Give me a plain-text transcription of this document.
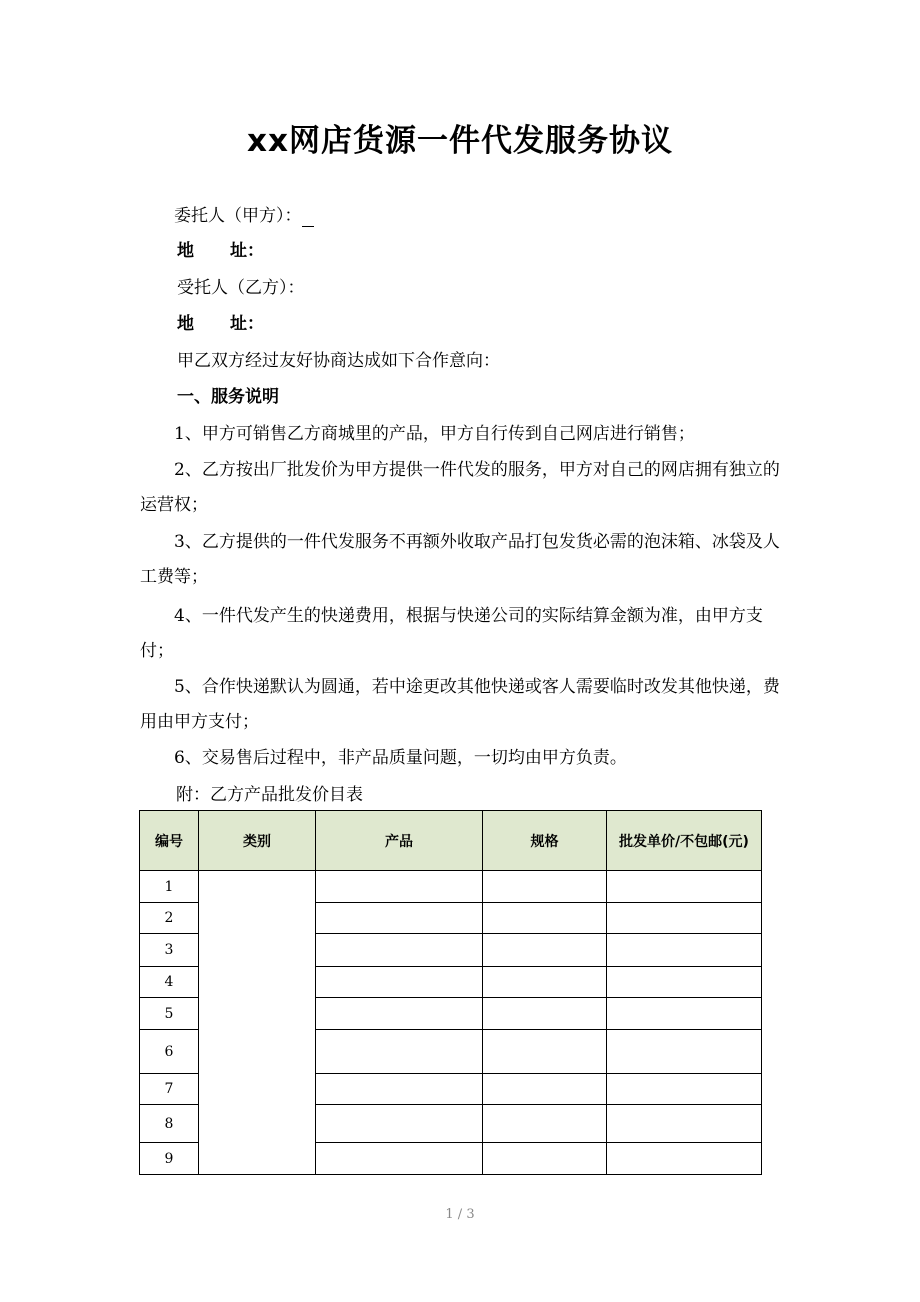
xx网店货源一件代发服务协议
委托人（甲方）：
地 址：
受托人（乙方）：
地 址：
甲乙双方经过友好协商达成如下合作意向：
一、服务说明
1、甲方可销售乙方商城里的产品，甲方自行传到自己网店进行销售；
2、乙方按出厂批发价为甲方提供一件代发的服务，甲方对自己的网店拥有独立的运营权；
3、乙方提供的一件代发服务不再额外收取产品打包发货必需的泡沫箱、冰袋及人工费等；
4、一件代发产生的快递费用，根据与快递公司的实际结算金额为准，由甲方支付；
5、合作快递默认为圆通，若中途更改其他快递或客人需要临时改发其他快递，费用由甲方支付；
6、交易售后过程中，非产品质量问题，一切均由甲方负责。
附：乙方产品批发价目表
编号	类别	产品	规格	批发单价/不包邮(元)
1				
2				
3				
4				
5				
6				
7				
8				
9				
1 / 3
